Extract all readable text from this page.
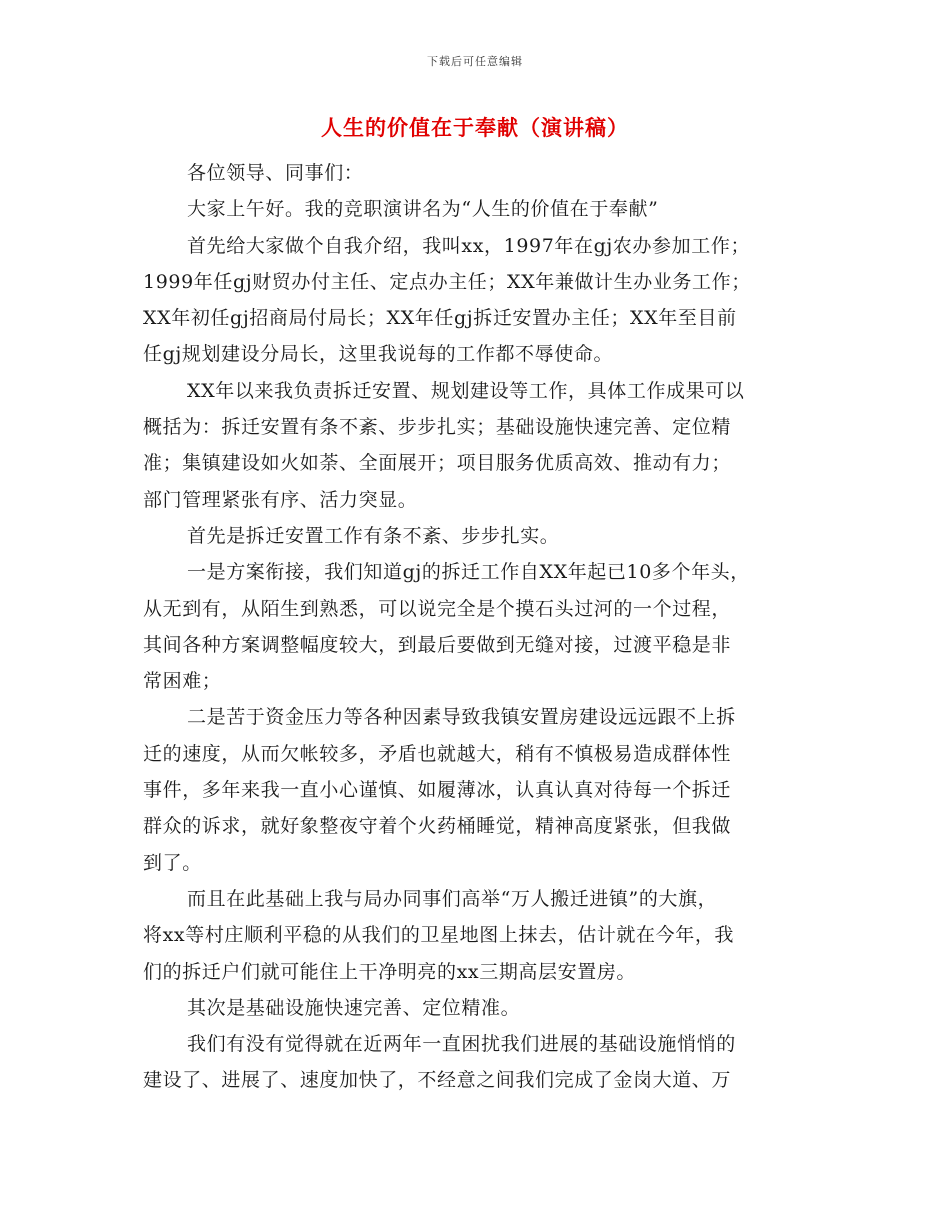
下载后可任意编辑
人生的价值在于奉献（演讲稿）
各位领导、同事们：
大家上午好。我的竞职演讲名为“人生的价值在于奉献”
首先给大家做个自我介绍，我叫xx，1997年在gj农办参加工作；
1999年任gj财贸办付主任、定点办主任；XX年兼做计生办业务工作；
XX年初任gj招商局付局长；XX年任gj拆迁安置办主任；XX年至目前
任gj规划建设分局长，这里我说每的工作都不辱使命。
XX年以来我负责拆迁安置、规划建设等工作，具体工作成果可以
概括为：拆迁安置有条不紊、步步扎实；基础设施快速完善、定位精
准；集镇建设如火如荼、全面展开；项目服务优质高效、推动有力；
部门管理紧张有序、活力突显。
首先是拆迁安置工作有条不紊、步步扎实。
一是方案衔接，我们知道gj的拆迁工作自XX年起已10多个年头，
从无到有，从陌生到熟悉，可以说完全是个摸石头过河的一个过程，
其间各种方案调整幅度较大，到最后要做到无缝对接，过渡平稳是非
常困难；
二是苦于资金压力等各种因素导致我镇安置房建设远远跟不上拆
迁的速度，从而欠帐较多，矛盾也就越大，稍有不慎极易造成群体性
事件，多年来我一直小心谨慎、如履薄冰，认真认真对待每一个拆迁
群众的诉求，就好象整夜守着个火药桶睡觉，精神高度紧张，但我做
到了。
而且在此基础上我与局办同事们高举“万人搬迁进镇”的大旗，
将xx等村庄顺利平稳的从我们的卫星地图上抹去，估计就在今年，我
们的拆迁户们就可能住上干净明亮的xx三期高层安置房。
其次是基础设施快速完善、定位精准。
我们有没有觉得就在近两年一直困扰我们进展的基础设施悄悄的
建设了、进展了、速度加快了，不经意之间我们完成了金岗大道、万
